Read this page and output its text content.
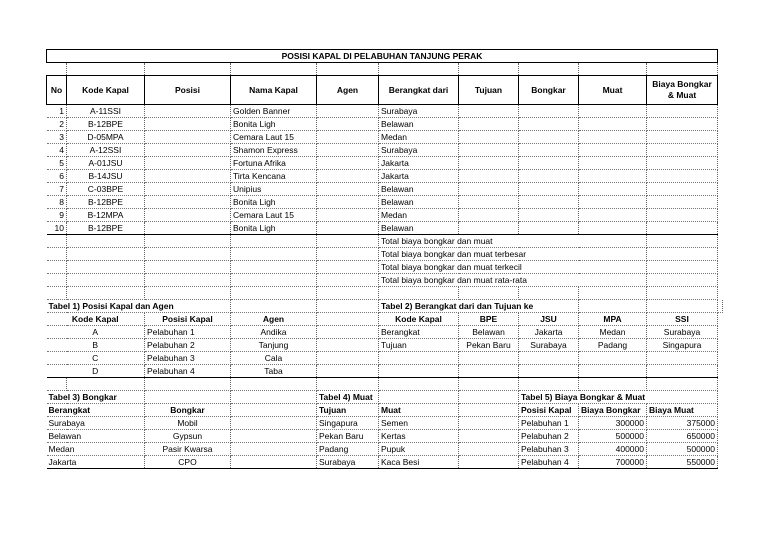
POSISI KAPAL DI PELABUHAN TANJUNG PERAK										

No	Kode Kapal	Posisi	Nama Kapal	Agen	Berangkat dari	Tujuan	Bongkar	Muat	Biaya Bongkar & Muat	
1	A-11SSI		Golden Banner		Surabaya					
2	B-12BPE		Bonita Ligh		Belawan					
3	D-05MPA		Cemara Laut 15		Medan					
4	A-12SSI		Shamon Express		Surabaya					
5	A-01JSU		Fortuna Afrika		Jakarta					
6	B-14JSU		Tirta Kencana		Jakarta					
7	C-03BPE		Unipius		Belawan					
8	B-12BPE		Bonita Ligh		Belawan					
9	B-12MPA		Cemara Laut 15		Medan					
10	B-12BPE		Bonita Ligh		Belawan					
					Total biaya bongkar dan muat					
					Total biaya bongkar dan muat terbesar					
					Total biaya bongkar dan muat terkecil					
					Total biaya bongkar dan muat rata-rata					

Tabel 1) Posisi Kapal dan Agen					Tabel 2) Berangkat dari dan Tujuan ke					
Kode Kapal		Posisi Kapal	Agen		Kode Kapal	BPE	JSU	MPA	SSI	
A		Pelabuhan 1	Andika		Berangkat	Belawan	Jakarta	Medan	Surabaya	
B		Pelabuhan 2	Tanjung		Tujuan	Pekan Baru	Surabaya	Padang	Singapura	
C		Pelabuhan 3	Cala							
D		Pelabuhan 4	Taba							

Tabel 3) Bongkar				Tabel 4) Muat			Tabel 5) Biaya Bongkar & Muat			
Berangkat		Bongkar		Tujuan	Muat		Posisi Kapal	Biaya Bongkar	Biaya Muat	
Surabaya		Mobil		Singapura	Semen		Pelabuhan 1	300000	375000	
Belawan		Gypsun		Pekan Baru	Kertas		Pelabuhan 2	500000	650000	
Medan		Pasir Kwarsa		Padang	Pupuk		Pelabuhan 3	400000	500000	
Jakarta		CPO		Surabaya	Kaca Besi		Pelabuhan 4	700000	550000	
